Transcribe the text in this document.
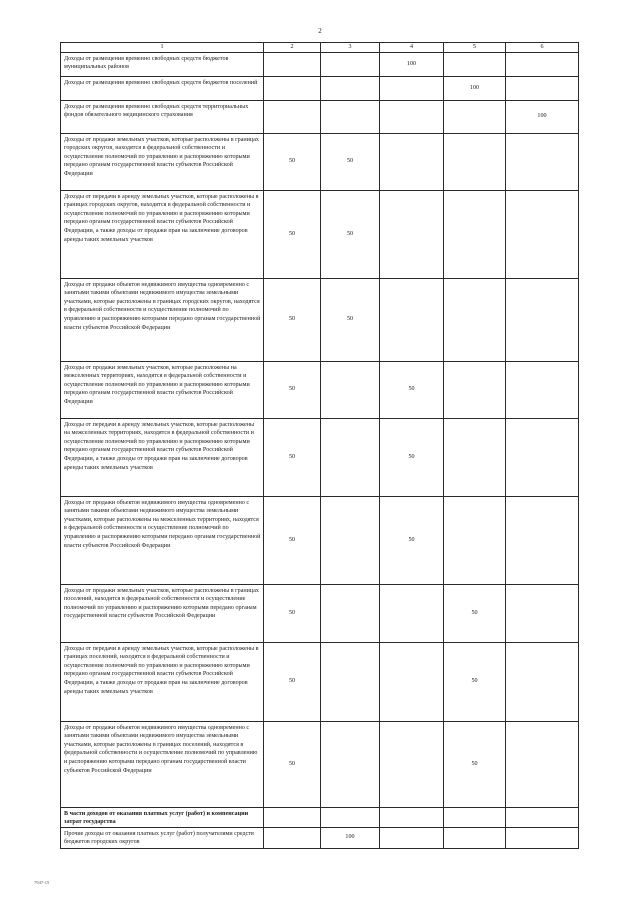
2
1	2	3	4	5	6
Доходы от размещения временно свободных средств бюджетов муниципальных районов			100		
Доходы от размещения временно свободных средств бюджетов поселений				100	
Доходы от размещения временно свободных средств территориальных фондов обязательного медицинского страхования					100
Доходы от продажи земельных участков, которые расположены в границах городских округов, находятся в федеральной собственности и осуществление полномочий по управлению и распоряжению которыми передано органам государственной власти субъектов Российской Федерации	50	50			
Доходы от передачи в аренду земельных участков, которые расположены в границах городских округов, находятся в федеральной собственности и осуществление полномочий по управлению и распоряжению которыми передано органам государственной власти субъектов Российской Федерации, а также доходы от продажи прав на заключение договоров аренды таких земельных участков	50	50			
Доходы от продажи объектов недвижимого имущества одновременно с занятыми такими объектами недвижимого имущества земельными участками, которые расположены в границах городских округов, находятся в федеральной собственности и осуществление полномочий по управлению и распоряжению которыми передано органам государственной власти субъектов Российской Федерации	50	50			
Доходы от продажи земельных участков, которые расположены на межселенных территориях, находятся в федеральной собственности и осуществление полномочий по управлению и распоряжению которыми передано органам государственной власти субъектов Российской Федерации	50		50		
Доходы от передачи в аренду земельных участков, которые расположены на межселенных территориях, находятся в федеральной собственности и осуществление полномочий по управлению и распоряжению которыми передано органам государственной власти субъектов Российской Федерации, а также доходы от продажи прав на заключение договоров аренды таких земельных участков	50		50		
Доходы от продажи объектов недвижимого имущества одновременно с занятыми такими объектами недвижимого имущества земельными участками, которые расположены на межселенных территориях, находятся в федеральной собственности и осуществление полномочий по управлению и распоряжению которыми передано органам государственной власти субъектов Российской Федерации	50		50		
Доходы от продажи земельных участков, которые расположены в границах поселений, находятся в федеральной собственности и осуществление полномочий по управлению и распоряжению которыми передано органам государственной власти субъектов Российской Федерации	50			50	
Доходы от передачи в аренду земельных участков, которые расположены в границах поселений, находятся в федеральной собственности и осуществление полномочий по управлению и распоряжению которыми передано органам государственной власти субъектов Российской Федерации, а также доходы от продажи прав на заключение договоров аренды таких земельных участков	50			50	
Доходы от продажи объектов недвижимого имущества одновременно с занятыми такими объектами недвижимого имущества земельными участками, которые расположены в границах поселений, находятся в федеральной собственности и осуществление полномочий по управлению и распоряжению которыми передано органам государственной власти субъектов Российской Федерации	50			50	
В части доходов от оказания платных услуг (работ) и компенсации затрат государства					
Прочие доходы от оказания платных услуг (работ) получателями средств бюджетов городских округов		100			
7947-15
